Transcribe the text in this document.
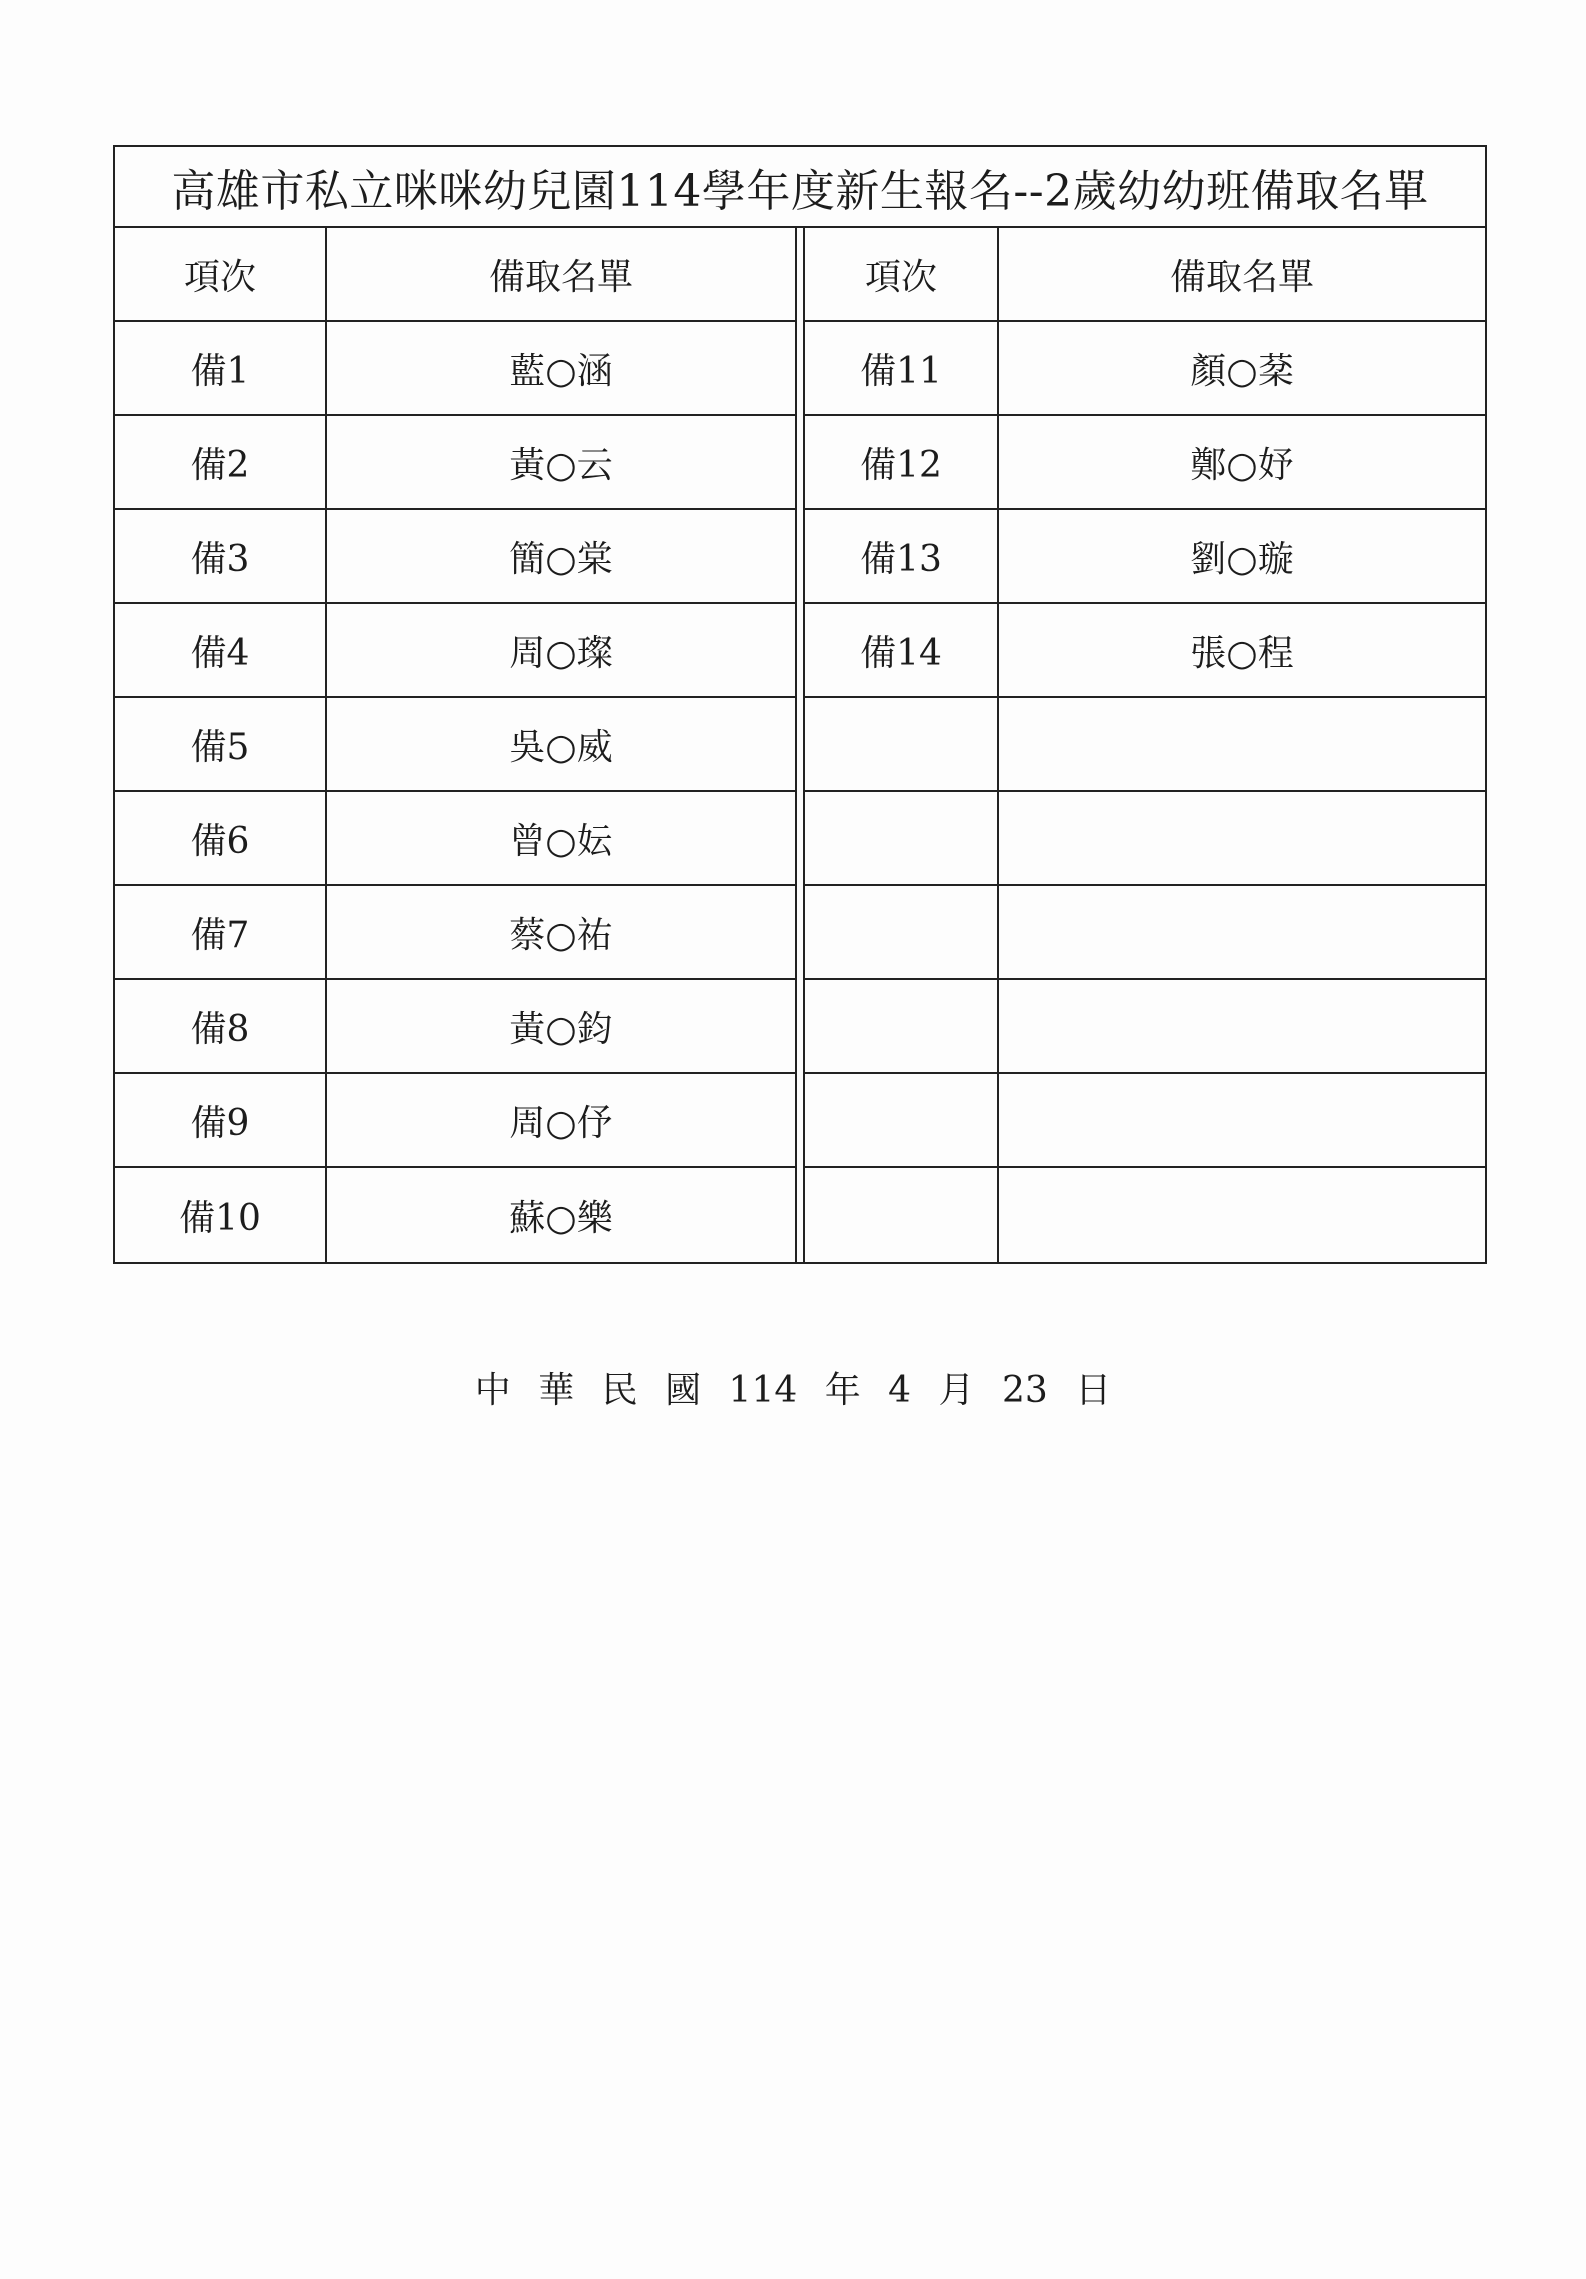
高雄市私立咪咪幼兒園114學年度新生報名--2歲幼幼班備取名單
項次	備取名單	項次	備取名單
備1	藍○涵	備11	顏○棻
備2	黃○云	備12	鄭○妤
備3	簡○棠	備13	劉○璇
備4	周○璨	備14	張○程
備5	吳○威
備6	曾○妘
備7	蔡○祐
備8	黃○鈞
備9	周○伃
備10	蘇○樂
中 華 民 國 114 年 4 月 23 日
